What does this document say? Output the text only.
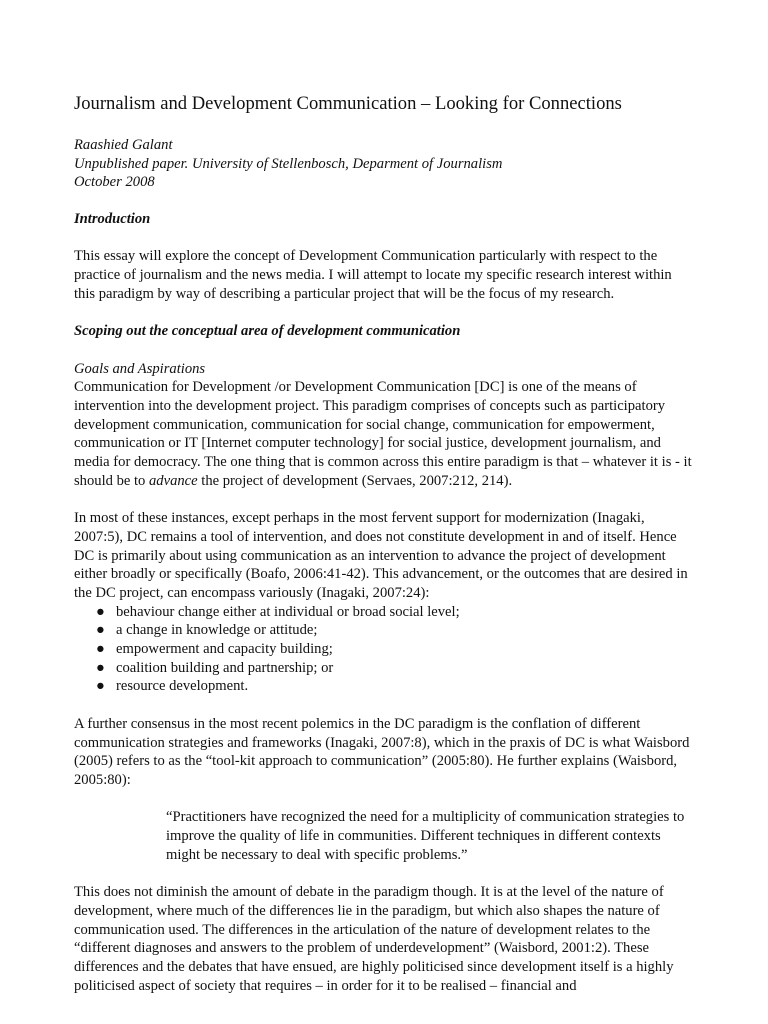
Journalism and Development Communication – Looking for Connections
Raashied Galant
Unpublished paper. University of Stellenbosch, Deparment of Journalism
October 2008

Introduction

This essay will explore the concept of Development Communication particularly with respect to the practice of journalism and the news media. I will attempt to locate my specific research interest within this paradigm by way of describing a particular project that will be the focus of my research.

Scoping out the conceptual area of development communication

Goals and Aspirations

Communication for Development /or Development Communication [DC] is one of the means of intervention into the development project. This paradigm comprises of concepts such as participatory development communication, communication for social change, communication for empowerment, communication or IT [Internet computer technology] for social justice, development journalism, and media for democracy. The one thing that is common across this entire paradigm is that – whatever it is - it should be to advance the project of development (Servaes, 2007:212, 214).

In most of these instances, except perhaps in the most fervent support for modernization (Inagaki, 2007:5), DC remains a tool of intervention, and does not constitute development in and of itself. Hence DC is primarily about using communication as an intervention to advance the project of development either broadly or specifically (Boafo, 2006:41-42). This advancement, or the outcomes that are desired in the DC project, can encompass variously (Inagaki, 2007:24):

● behaviour change either at individual or broad social level;
● a change in knowledge or attitude;
● empowerment and capacity building;
● coalition building and partnership; or
● resource development.

A further consensus in the most recent polemics in the DC paradigm is the conflation of different communication strategies and frameworks (Inagaki, 2007:8), which in the praxis of DC is what Waisbord (2005) refers to as the “tool-kit approach to communication” (2005:80). He further explains (Waisbord, 2005:80):

“Practitioners have recognized the need for a multiplicity of communication strategies to improve the quality of life in communities. Different techniques in different contexts might be necessary to deal with specific problems.”

This does not diminish the amount of debate in the paradigm though. It is at the level of the nature of development, where much of the differences lie in the paradigm, but which also shapes the nature of communication used. The differences in the articulation of the nature of development relates to the “different diagnoses and answers to the problem of underdevelopment” (Waisbord, 2001:2). These differences and the debates that have ensued, are highly politicised since development itself is a highly politicised aspect of society that requires – in order for it to be realised – financial and
